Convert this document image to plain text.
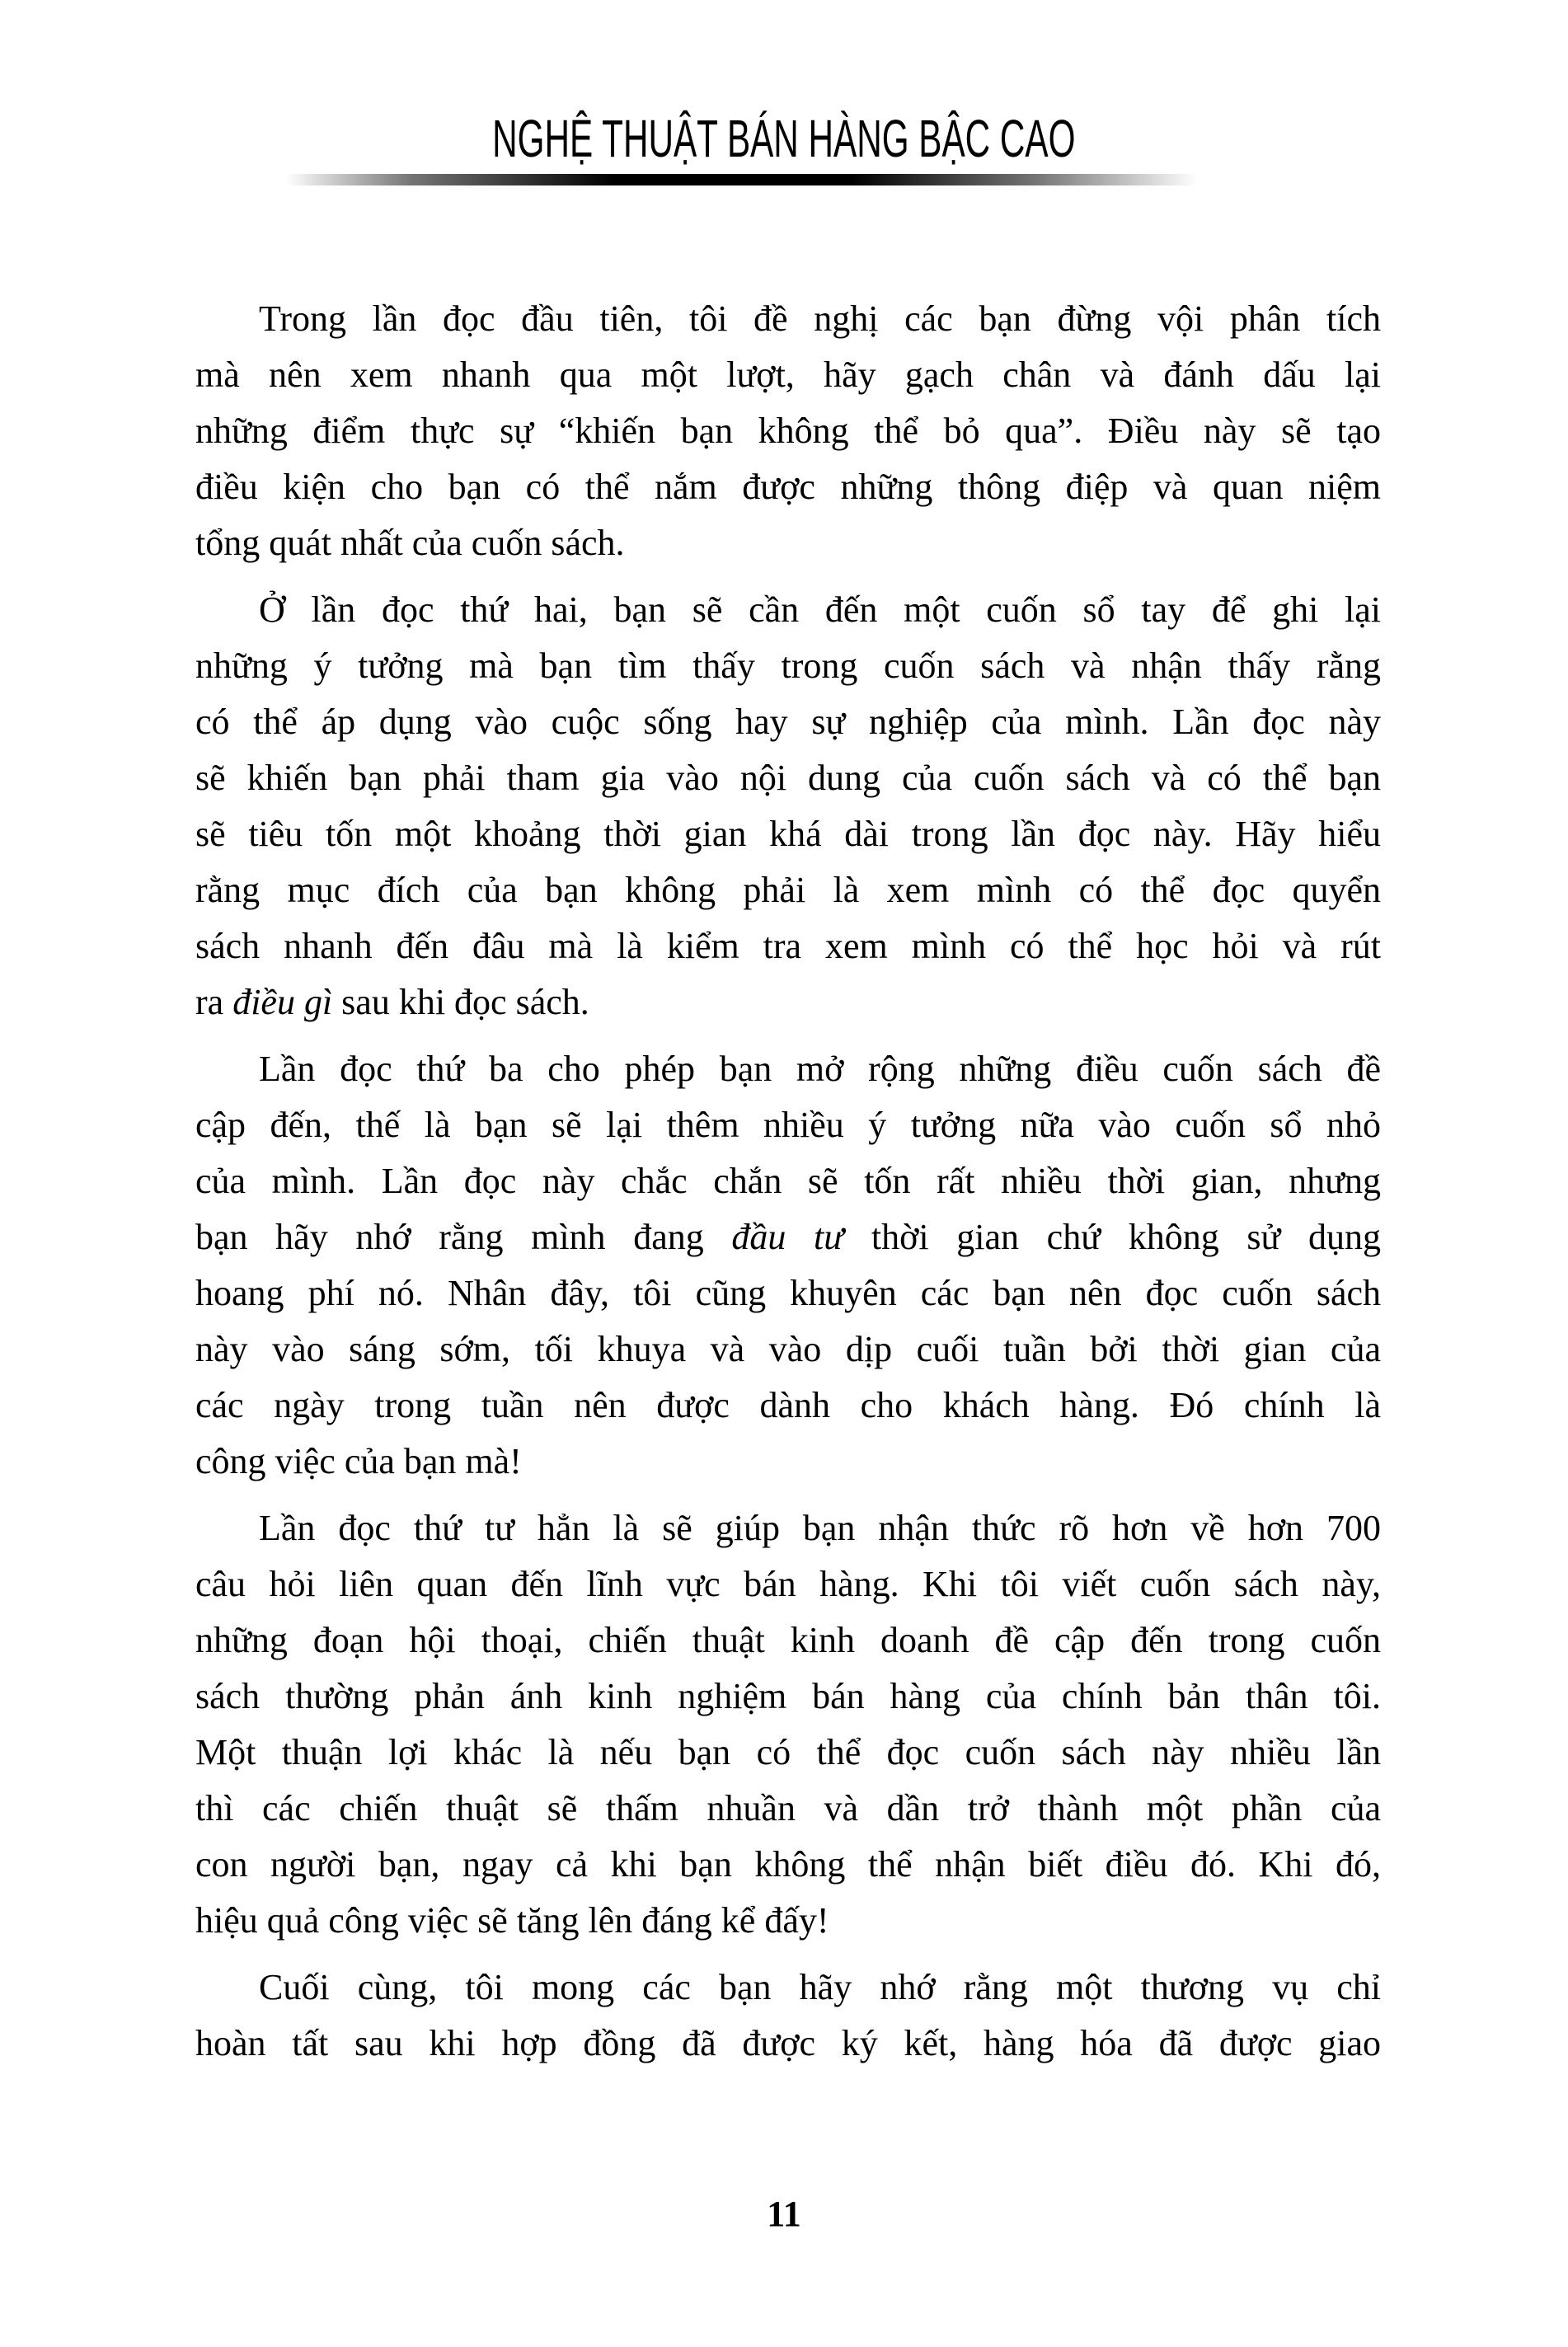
NGHỆ THUẬT BÁN HÀNG BẬC CAO
Trong lần đọc đầu tiên, tôi đề nghị các bạn đừng vội phân tích
mà nên xem nhanh qua một lượt, hãy gạch chân và đánh dấu lại
những điểm thực sự “khiến bạn không thể bỏ qua”. Điều này sẽ tạo
điều kiện cho bạn có thể nắm được những thông điệp và quan niệm
tổng quát nhất của cuốn sách.
Ở lần đọc thứ hai, bạn sẽ cần đến một cuốn sổ tay để ghi lại
những ý tưởng mà bạn tìm thấy trong cuốn sách và nhận thấy rằng
có thể áp dụng vào cuộc sống hay sự nghiệp của mình. Lần đọc này
sẽ khiến bạn phải tham gia vào nội dung của cuốn sách và có thể bạn
sẽ tiêu tốn một khoảng thời gian khá dài trong lần đọc này. Hãy hiểu
rằng mục đích của bạn không phải là xem mình có thể đọc quyển
sách nhanh đến đâu mà là kiểm tra xem mình có thể học hỏi và rút
ra điều gì sau khi đọc sách.
Lần đọc thứ ba cho phép bạn mở rộng những điều cuốn sách đề
cập đến, thế là bạn sẽ lại thêm nhiều ý tưởng nữa vào cuốn sổ nhỏ
của mình. Lần đọc này chắc chắn sẽ tốn rất nhiều thời gian, nhưng
bạn hãy nhớ rằng mình đang đầu tư thời gian chứ không sử dụng
hoang phí nó. Nhân đây, tôi cũng khuyên các bạn nên đọc cuốn sách
này vào sáng sớm, tối khuya và vào dịp cuối tuần bởi thời gian của
các ngày trong tuần nên được dành cho khách hàng. Đó chính là
công việc của bạn mà!
Lần đọc thứ tư hẳn là sẽ giúp bạn nhận thức rõ hơn về hơn 700
câu hỏi liên quan đến lĩnh vực bán hàng. Khi tôi viết cuốn sách này,
những đoạn hội thoại, chiến thuật kinh doanh đề cập đến trong cuốn
sách thường phản ánh kinh nghiệm bán hàng của chính bản thân tôi.
Một thuận lợi khác là nếu bạn có thể đọc cuốn sách này nhiều lần
thì các chiến thuật sẽ thấm nhuần và dần trở thành một phần của
con người bạn, ngay cả khi bạn không thể nhận biết điều đó. Khi đó,
hiệu quả công việc sẽ tăng lên đáng kể đấy!
Cuối cùng, tôi mong các bạn hãy nhớ rằng một thương vụ chỉ
hoàn tất sau khi hợp đồng đã được ký kết, hàng hóa đã được giao
11
